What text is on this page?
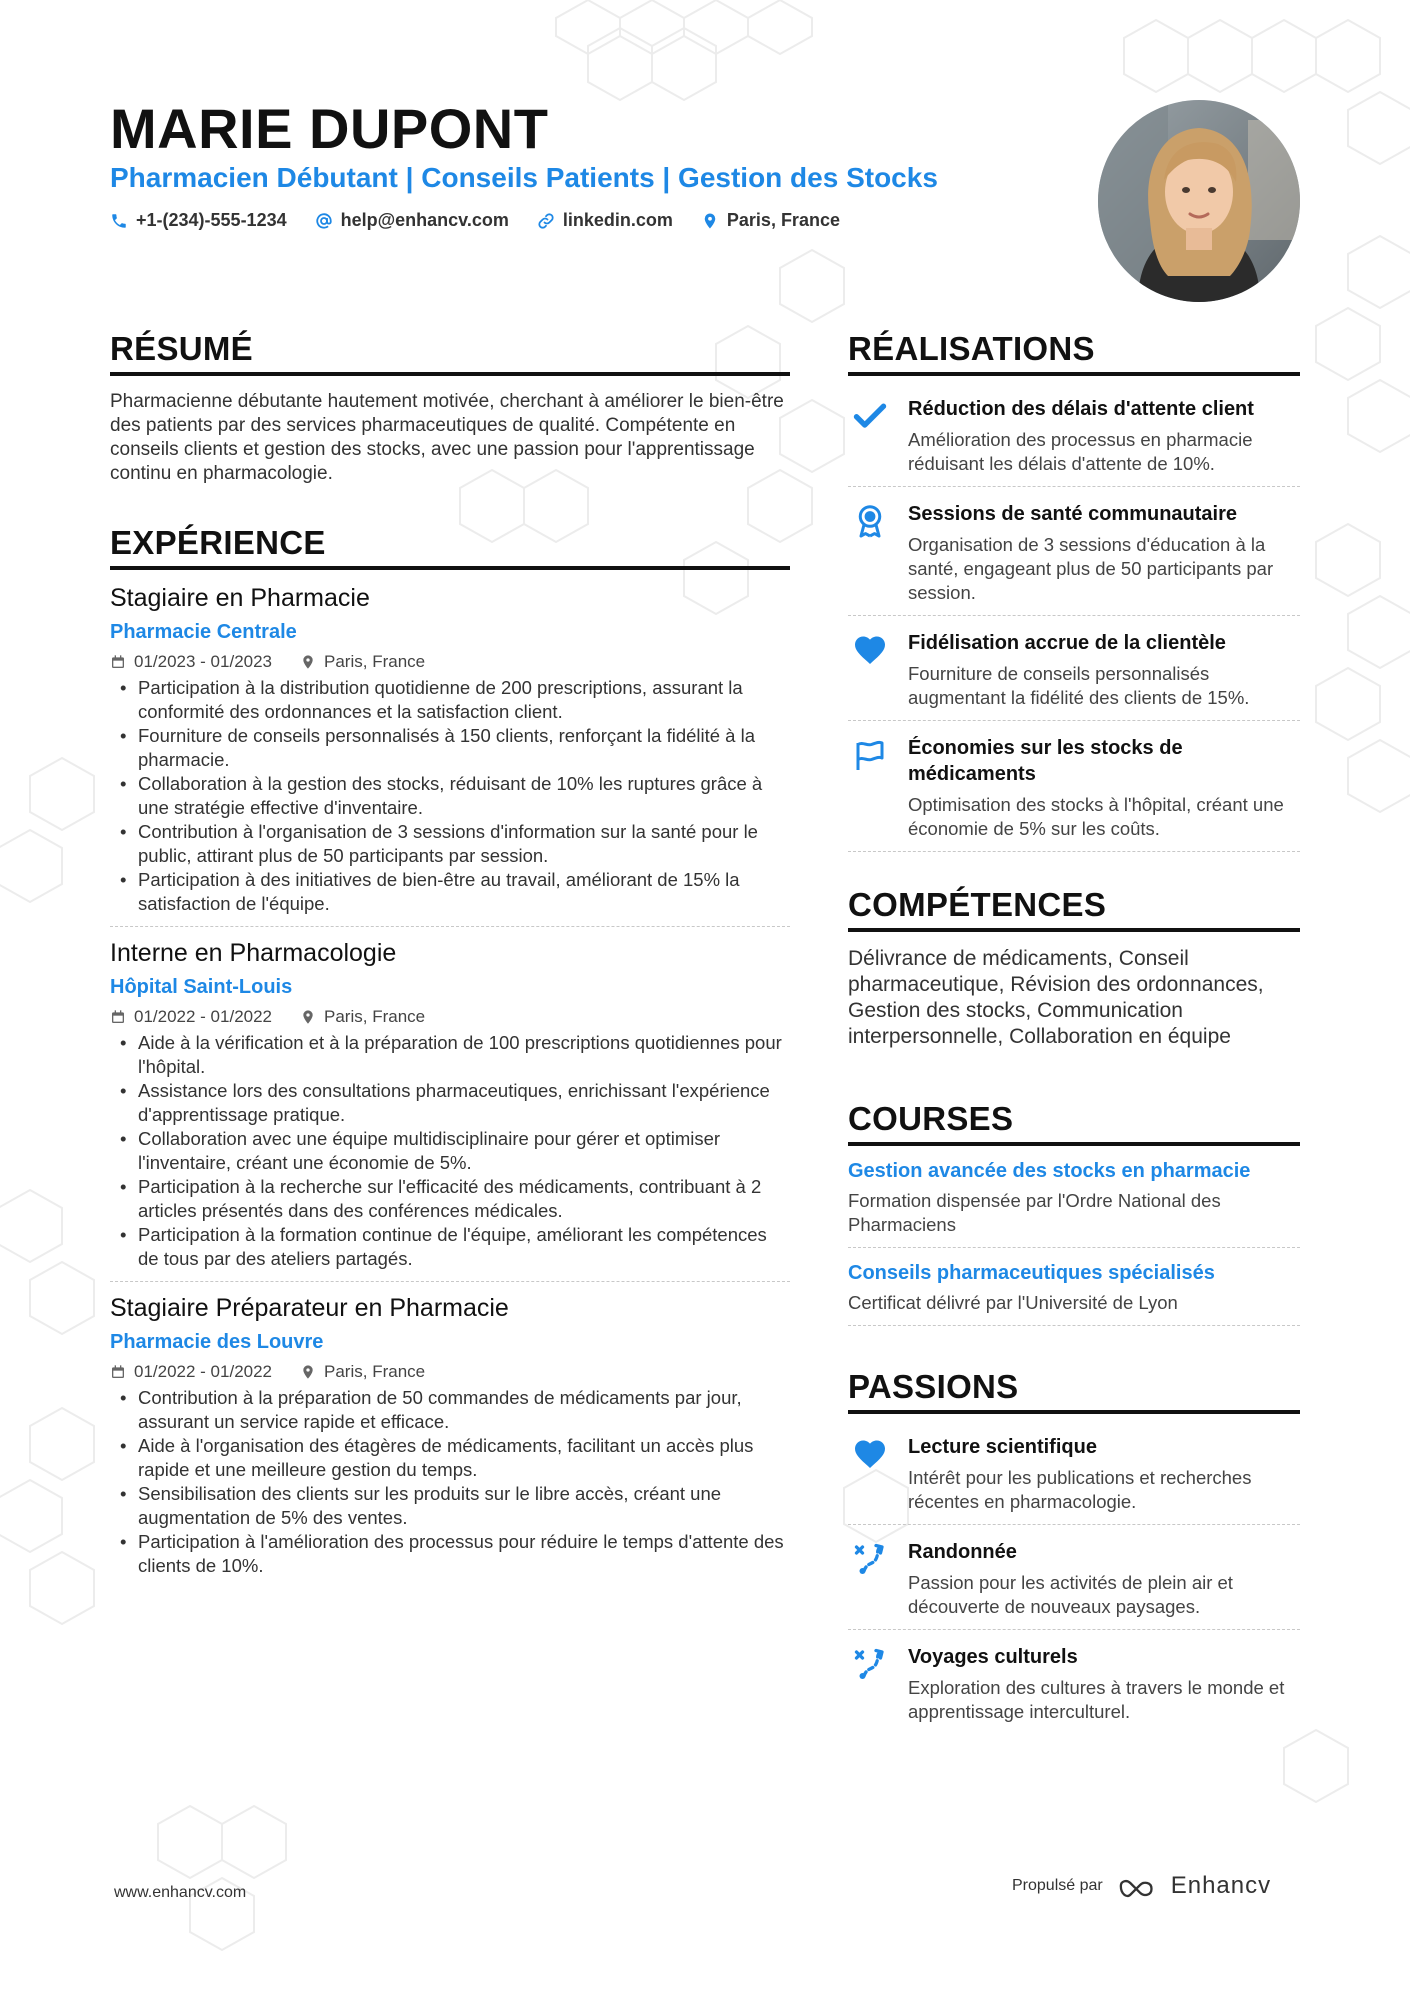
MARIE DUPONT
Pharmacien Débutant | Conseils Patients | Gestion des Stocks
+1-(234)-555-1234	help@enhancv.com	linkedin.com	Paris, France
RÉSUMÉ
Pharmacienne débutante hautement motivée, cherchant à améliorer le bien-être des patients par des services pharmaceutiques de qualité. Compétente en conseils clients et gestion des stocks, avec une passion pour l'apprentissage continu en pharmacologie.
EXPÉRIENCE
Stagiaire en Pharmacie
Pharmacie Centrale
01/2023 - 01/2023	Paris, France
• Participation à la distribution quotidienne de 200 prescriptions, assurant la conformité des ordonnances et la satisfaction client.
• Fourniture de conseils personnalisés à 150 clients, renforçant la fidélité à la pharmacie.
• Collaboration à la gestion des stocks, réduisant de 10% les ruptures grâce à une stratégie effective d'inventaire.
• Contribution à l'organisation de 3 sessions d'information sur la santé pour le public, attirant plus de 50 participants par session.
• Participation à des initiatives de bien-être au travail, améliorant de 15% la satisfaction de l'équipe.
Interne en Pharmacologie
Hôpital Saint-Louis
01/2022 - 01/2022	Paris, France
• Aide à la vérification et à la préparation de 100 prescriptions quotidiennes pour l'hôpital.
• Assistance lors des consultations pharmaceutiques, enrichissant l'expérience d'apprentissage pratique.
• Collaboration avec une équipe multidisciplinaire pour gérer et optimiser l'inventaire, créant une économie de 5%.
• Participation à la recherche sur l'efficacité des médicaments, contribuant à 2 articles présentés dans des conférences médicales.
• Participation à la formation continue de l'équipe, améliorant les compétences de tous par des ateliers partagés.
Stagiaire Préparateur en Pharmacie
Pharmacie des Louvre
01/2022 - 01/2022	Paris, France
• Contribution à la préparation de 50 commandes de médicaments par jour, assurant un service rapide et efficace.
• Aide à l'organisation des étagères de médicaments, facilitant un accès plus rapide et une meilleure gestion du temps.
• Sensibilisation des clients sur les produits sur le libre accès, créant une augmentation de 5% des ventes.
• Participation à l'amélioration des processus pour réduire le temps d'attente des clients de 10%.
RÉALISATIONS
Réduction des délais d'attente client
Amélioration des processus en pharmacie réduisant les délais d'attente de 10%.
Sessions de santé communautaire
Organisation de 3 sessions d'éducation à la santé, engageant plus de 50 participants par session.
Fidélisation accrue de la clientèle
Fourniture de conseils personnalisés augmentant la fidélité des clients de 15%.
Économies sur les stocks de médicaments
Optimisation des stocks à l'hôpital, créant une économie de 5% sur les coûts.
COMPÉTENCES
Délivrance de médicaments, Conseil pharmaceutique, Révision des ordonnances, Gestion des stocks, Communication interpersonnelle, Collaboration en équipe
COURSES
Gestion avancée des stocks en pharmacie
Formation dispensée par l'Ordre National des Pharmaciens
Conseils pharmaceutiques spécialisés
Certificat délivré par l'Université de Lyon
PASSIONS
Lecture scientifique
Intérêt pour les publications et recherches récentes en pharmacologie.
Randonnée
Passion pour les activités de plein air et découverte de nouveaux paysages.
Voyages culturels
Exploration des cultures à travers le monde et apprentissage interculturel.
www.enhancv.com	Propulsé par	Enhancv
